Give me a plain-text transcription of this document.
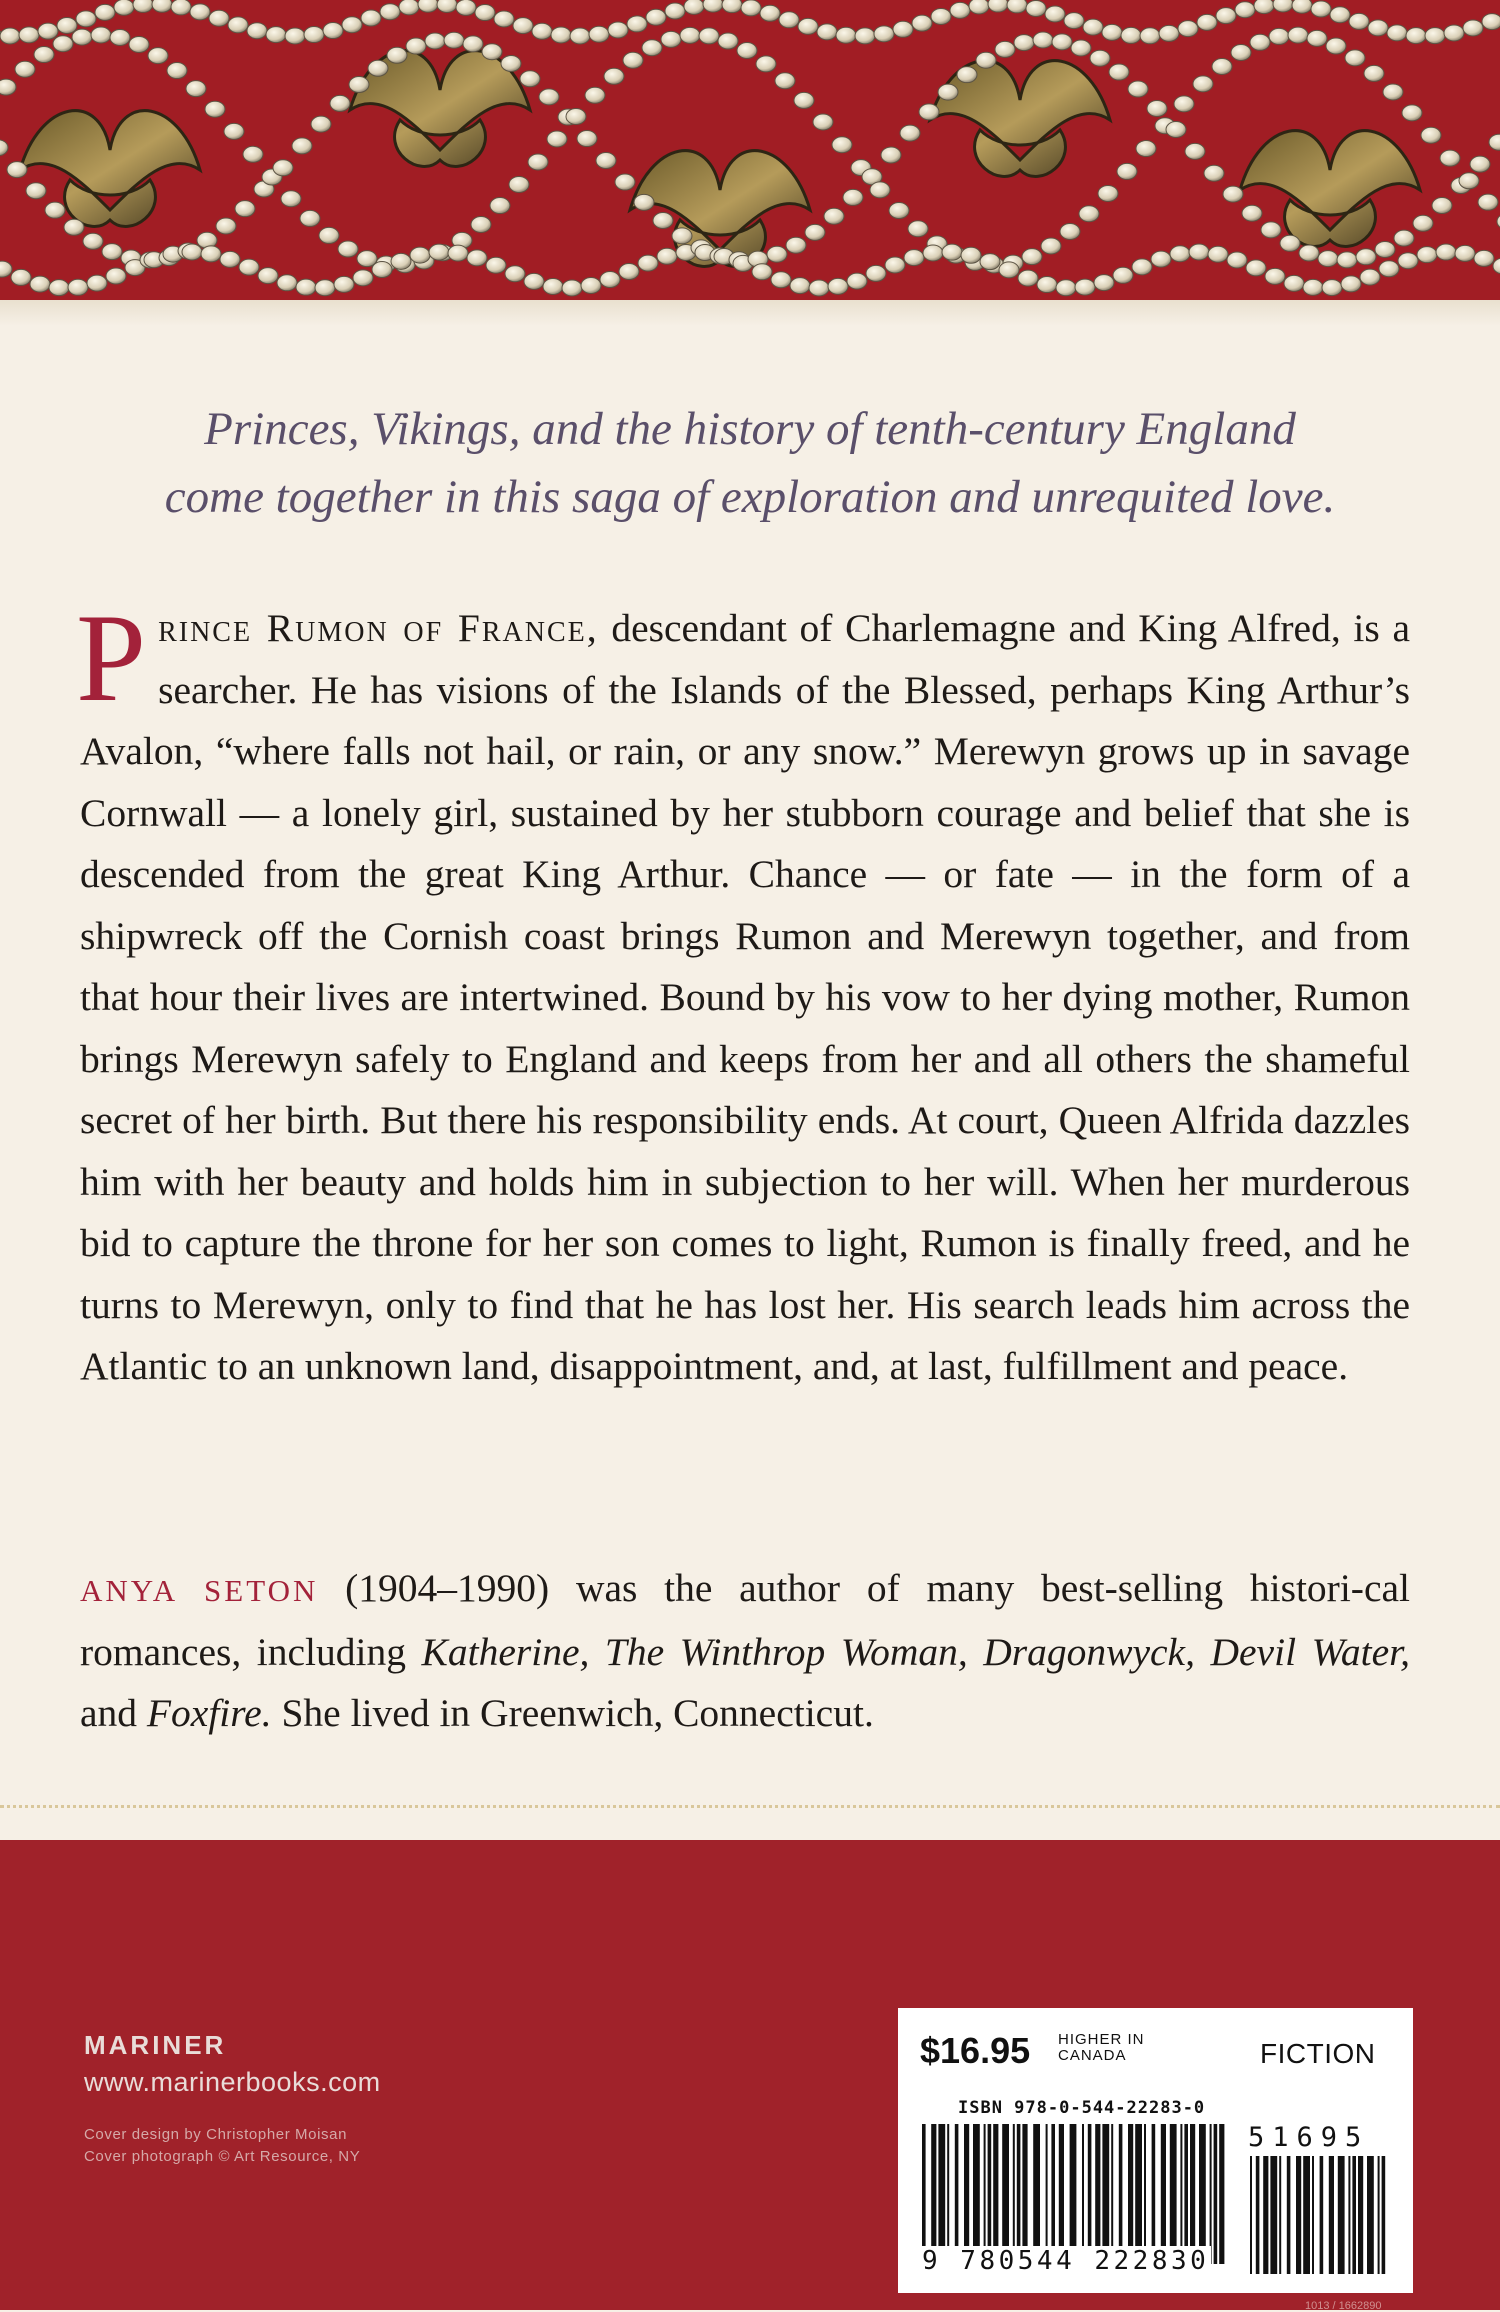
Princes, Vikings, and the history of tenth-century England
come together in this saga of exploration and unrequited love.

Prince Rumon of France, descendant of Charlemagne and King Alfred, is a searcher. He has visions of the Islands of the Blessed, perhaps King Arthur’s Avalon, “where falls not hail, or rain, or any snow.” Merewyn grows up in savage Cornwall — a lonely girl, sustained by her stubborn courage and belief that she is descended from the great King Arthur. Chance — or fate — in the form of a shipwreck off the Cornish coast brings Rumon and Merewyn together, and from that hour their lives are intertwined. Bound by his vow to her dying mother, Rumon brings Merewyn safely to England and keeps from her and all others the shameful secret of her birth. But there his responsibility ends. At court, Queen Alfrida dazzles him with her beauty and holds him in subjection to her will. When her murderous bid to capture the throne for her son comes to light, Rumon is finally freed, and he turns to Merewyn, only to find that he has lost her. His search leads him across the Atlantic to an unknown land, disappointment, and, at last, fulfillment and peace.

ANYA SETON (1904–1990) was the author of many best-selling histori-cal romances, including Katherine, The Winthrop Woman, Dragonwyck, Devil Water, and Foxfire. She lived in Greenwich, Connecticut.

MARINER
www.marinerbooks.com
Cover design by Christopher Moisan
Cover photograph © Art Resource, NY
$16.95 HIGHER IN
CANADA	FICTION
ISBN 978-0-544-22283-0
9 780544 222830
51695
1013 / 1662890
